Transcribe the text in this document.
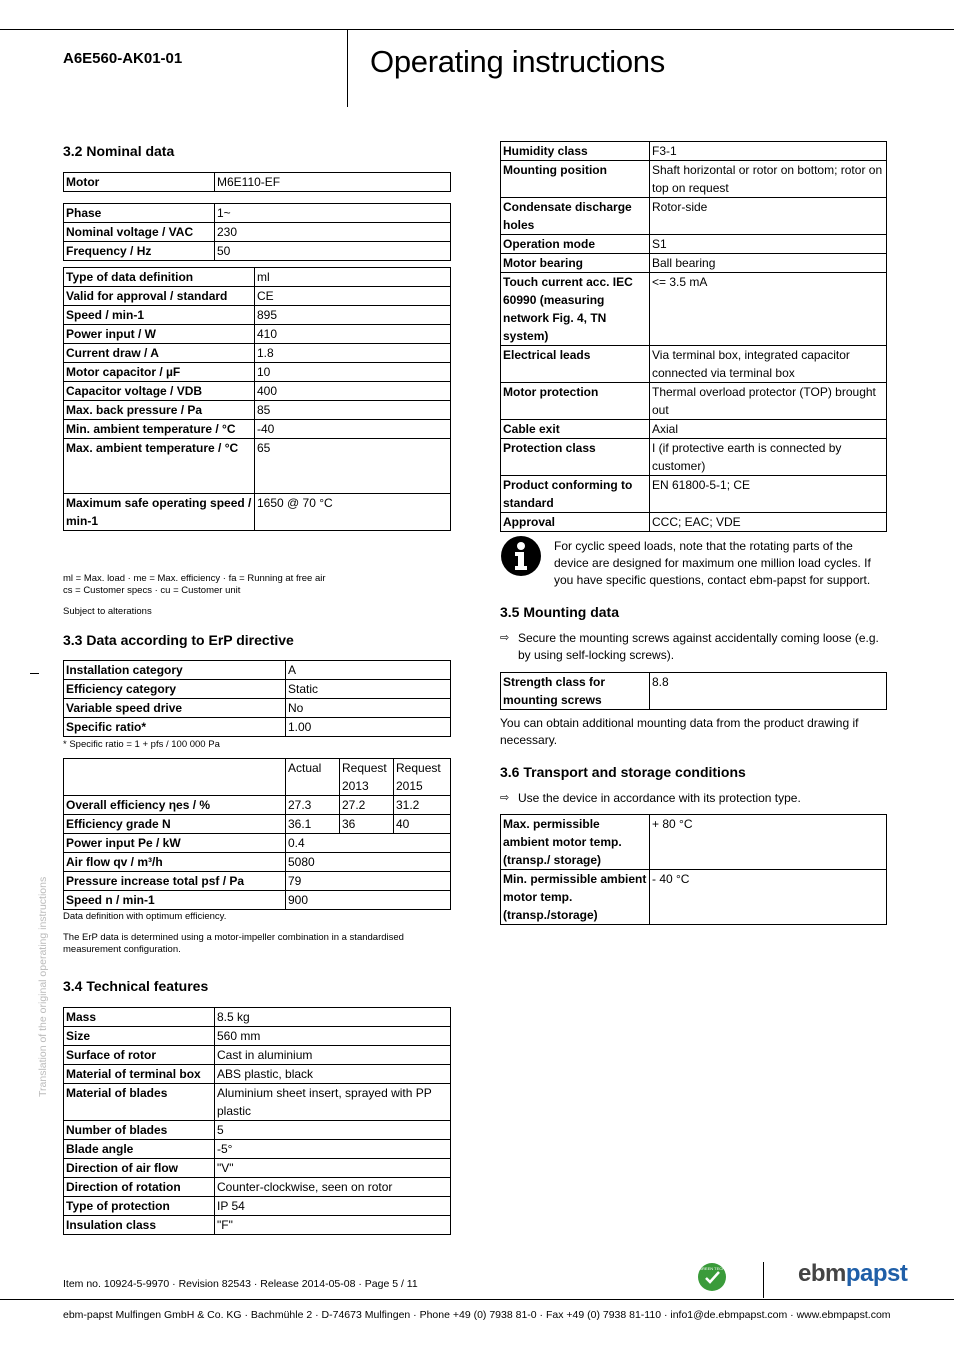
A6E560-AK01-01	Operating instructions
Translation of the original operating instructions
3.2 Nominal data
Motor	M6E110-EF
Phase	1~
Nominal voltage / VAC	230
Frequency / Hz	50
Type of data definition	ml
Valid for approval / standard	CE
Speed / min-1	895
Power input / W	410
Current draw / A	1.8
Motor capacitor / µF	10
Capacitor voltage / VDB	400
Max. back pressure / Pa	85
Min. ambient temperature / °C	-40
Max. ambient temperature / °C	65
Maximum safe operating speed / min-1	1650 @ 70 °C
ml = Max. load · me = Max. efficiency · fa = Running at free air
cs = Customer specs · cu = Customer unit
Subject to alterations
3.3 Data according to ErP directive
Installation category	A
Efficiency category	Static
Variable speed drive	No
Specific ratio*	1.00
* Specific ratio = 1 + pfs / 100 000 Pa
	Actual	Request 2013	Request 2015
Overall efficiency ηes / %	27.3	27.2	31.2
Efficiency grade N	36.1	36	40
Power input Pe / kW	0.4		
Air flow qv / m³/h	5080		
Pressure increase total psf / Pa	79		
Speed n / min-1	900		
Data definition with optimum efficiency.
The ErP data is determined using a motor-impeller combination in a standardised measurement configuration.
3.4 Technical features
Mass	8.5 kg
Size	560 mm
Surface of rotor	Cast in aluminium
Material of terminal box	ABS plastic, black
Material of blades	Aluminium sheet insert, sprayed with PP plastic
Number of blades	5
Blade angle	-5°
Direction of air flow	"V"
Direction of rotation	Counter-clockwise, seen on rotor
Type of protection	IP 54
Insulation class	"F"
Humidity class	F3-1
Mounting position	Shaft horizontal or rotor on bottom; rotor on top on request
Condensate discharge holes	Rotor-side
Operation mode	S1
Motor bearing	Ball bearing
Touch current acc. IEC 60990 (measuring network Fig. 4, TN system)	<= 3.5 mA
Electrical leads	Via terminal box, integrated capacitor connected via terminal box
Motor protection	Thermal overload protector (TOP) brought out
Cable exit	Axial
Protection class	I (if protective earth is connected by customer)
Product conforming to standard	EN 61800-5-1; CE
Approval	CCC; EAC; VDE
For cyclic speed loads, note that the rotating parts of the device are designed for maximum one million load cycles. If you have specific questions, contact ebm-papst for support.
3.5 Mounting data
⇨ Secure the mounting screws against accidentally coming loose (e.g. by using self-locking screws).
Strength class for mounting screws	8.8
You can obtain additional mounting data from the product drawing if necessary.
3.6 Transport and storage conditions
⇨ Use the device in accordance with its protection type.
Max. permissible ambient motor temp. (transp./ storage)	+ 80 °C
Min. permissible ambient motor temp. (transp./storage)	- 40 °C
Item no. 10924-5-9970 · Revision 82543 · Release 2014-05-08 · Page 5 / 11
GREEN TECH	ebmpapst
ebm-papst Mulfingen GmbH & Co. KG · Bachmühle 2 · D-74673 Mulfingen · Phone +49 (0) 7938 81-0 · Fax +49 (0) 7938 81-110 · info1@de.ebmpapst.com · www.ebmpapst.com
